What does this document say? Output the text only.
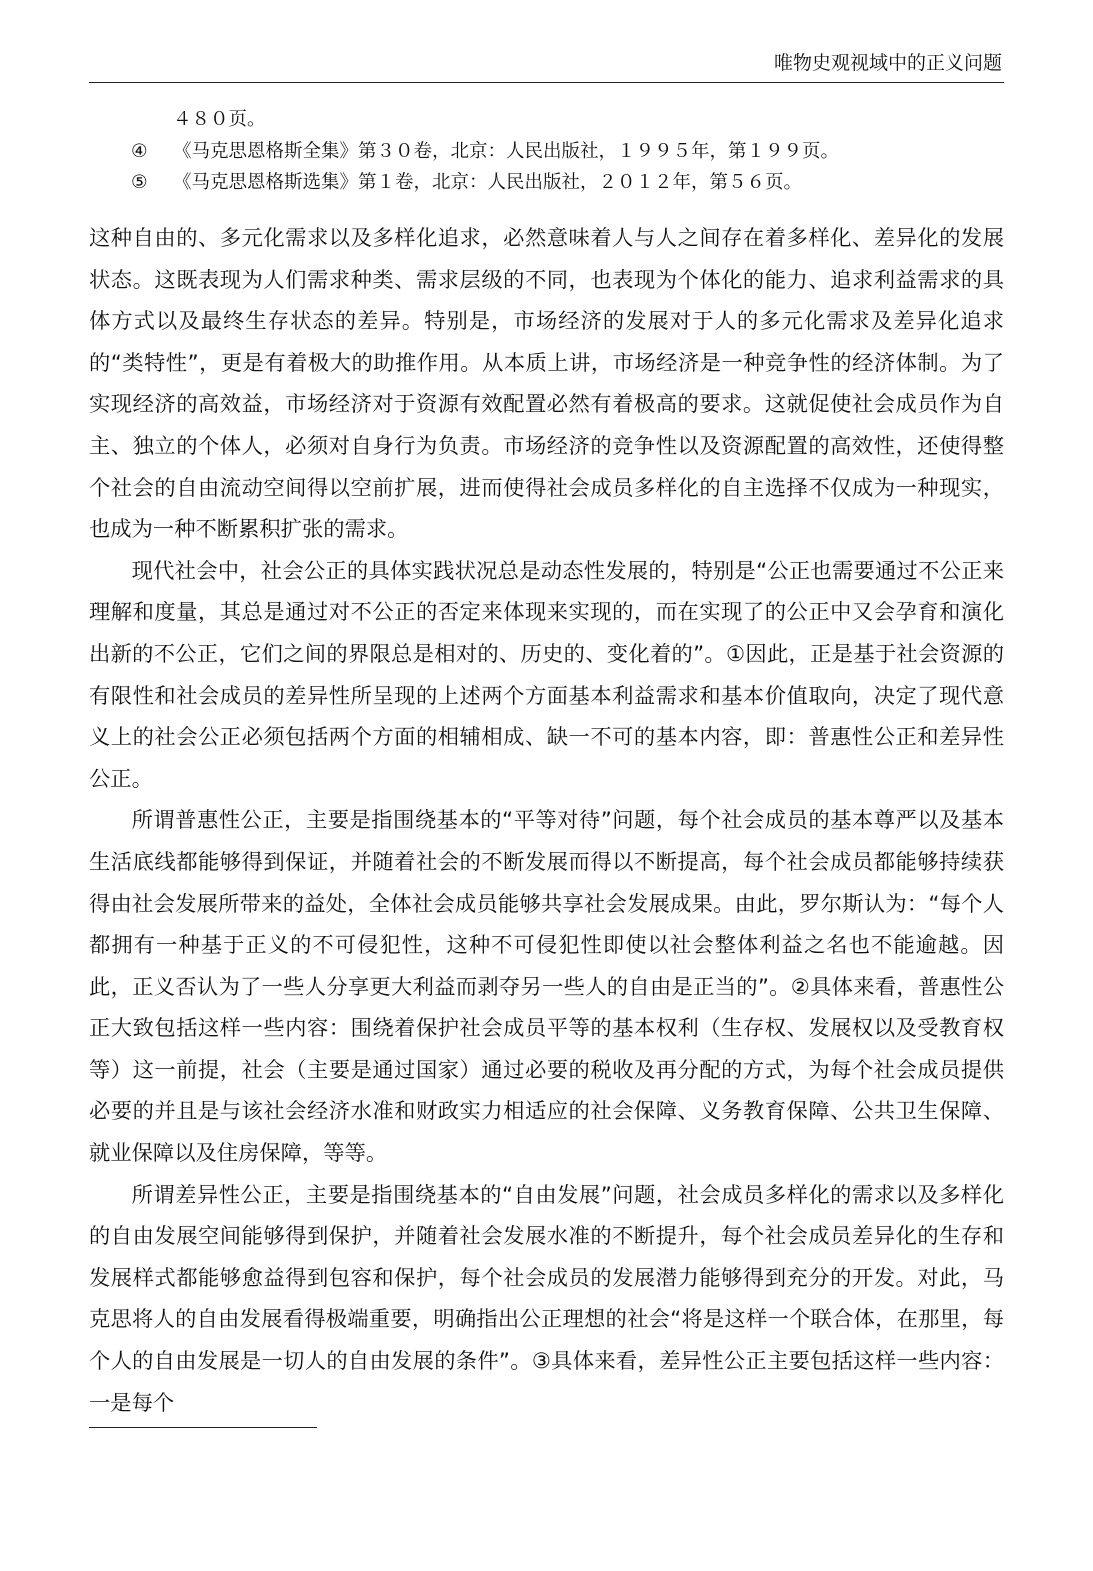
唯物史观视域中的正义问题
４８０页。
④ 《马克思恩格斯全集》第３０卷，北京：人民出版社，１９９５年，第１９９页。
⑤ 《马克思恩格斯选集》第１卷，北京：人民出版社，２０１２年，第５６页。

这种自由的、多元化需求以及多样化追求，必然意味着人与人之间存在着多样化、差异化的发展状态。这既表现为人们需求种类、需求层级的不同，也表现为个体化的能力、追求利益需求的具体方式以及最终生存状态的差异。特别是，市场经济的发展对于人的多元化需求及差异化追求的“类特性”，更是有着极大的助推作用。从本质上讲，市场经济是一种竞争性的经济体制。为了实现经济的高效益，市场经济对于资源有效配置必然有着极高的要求。这就促使社会成员作为自主、独立的个体人，必须对自身行为负责。市场经济的竞争性以及资源配置的高效性，还使得整个社会的自由流动空间得以空前扩展，进而使得社会成员多样化的自主选择不仅成为一种现实，也成为一种不断累积扩张的需求。

现代社会中，社会公正的具体实践状况总是动态性发展的，特别是“公正也需要通过不公正来理解和度量，其总是通过对不公正的否定来体现来实现的，而在实现了的公正中又会孕育和演化出新的不公正，它们之间的界限总是相对的、历史的、变化着的”。①因此，正是基于社会资源的有限性和社会成员的差异性所呈现的上述两个方面基本利益需求和基本价值取向，决定了现代意义上的社会公正必须包括两个方面的相辅相成、缺一不可的基本内容，即：普惠性公正和差异性公正。

所谓普惠性公正，主要是指围绕基本的“平等对待”问题，每个社会成员的基本尊严以及基本生活底线都能够得到保证，并随着社会的不断发展而得以不断提高，每个社会成员都能够持续获得由社会发展所带来的益处，全体社会成员能够共享社会发展成果。由此，罗尔斯认为：“每个人都拥有一种基于正义的不可侵犯性，这种不可侵犯性即使以社会整体利益之名也不能逾越。因此，正义否认为了一些人分享更大利益而剥夺另一些人的自由是正当的”。②具体来看，普惠性公正大致包括这样一些内容：围绕着保护社会成员平等的基本权利（生存权、发展权以及受教育权等）这一前提，社会（主要是通过国家）通过必要的税收及再分配的方式，为每个社会成员提供必要的并且是与该社会经济水准和财政实力相适应的社会保障、义务教育保障、公共卫生保障、就业保障以及住房保障，等等。

所谓差异性公正，主要是指围绕基本的“自由发展”问题，社会成员多样化的需求以及多样化的自由发展空间能够得到保护，并随着社会发展水准的不断提升，每个社会成员差异化的生存和发展样式都能够愈益得到包容和保护，每个社会成员的发展潜力能够得到充分的开发。对此，马克思将人的自由发展看得极端重要，明确指出公正理想的社会“将是这样一个联合体，在那里，每个人的自由发展是一切人的自由发展的条件”。③具体来看，差异性公正主要包括这样一些内容：一是每个
